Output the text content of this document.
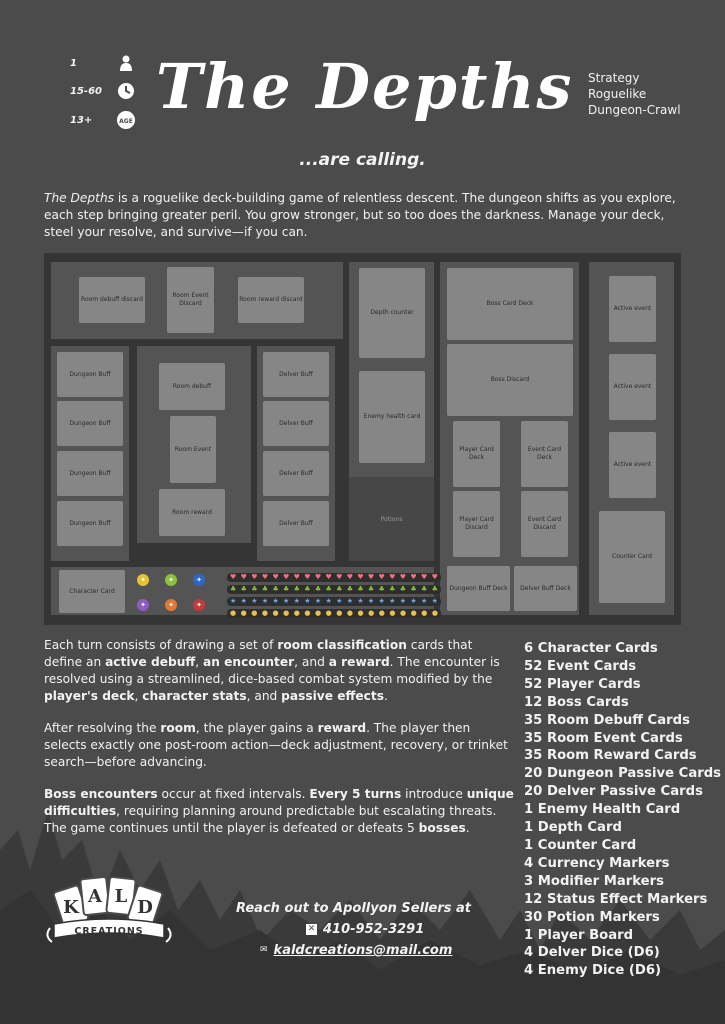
1
15-60
13+	AGE The Depths Strategy
Roguelike
Dungeon-Crawl
...are calling.
The Depths is a roguelike deck-building game of relentless descent. The dungeon shifts as you explore, each step bringing greater peril. You grow stronger, but so too does the darkness. Manage your deck, steel your resolve, and survive—if you can.
Room debuff discard
Room Event Discard
Room reward discard
Dungeon Buff
Dungeon Buff
Dungeon Buff
Dungeon Buff
Room debuff
Room Event
Room reward
Delver Buff
Delver Buff
Delver Buff
Delver Buff
Depth counter
Enemy health card
Potions
Boss Card Deck
Boss Discard
Player Card Deck
Event Card Deck
Player Card Discard
Event Card Discard
Active event
Active event
Active event
Counter Card
Dungeon Buff Deck	Delver Buff Deck
Character Card
✦	✦	✦
✦	✦	✦
♥ ♥ ♥ ♥ ♥ ♥ ♥ ♥ ♥ ♥ ♥ ♥ ♥ ♥ ♥ ♥ ♥ ♥ ♥ ♥
♣ ♣ ♣ ♣ ♣ ♣ ♣ ♣ ♣ ♣ ♣ ♣ ♣ ♣ ♣ ♣ ♣ ♣ ♣ ♣
★ ★ ★ ★ ★ ★ ★ ★ ★ ★ ★ ★ ★ ★ ★ ★ ★ ★ ★ ★
● ● ● ● ● ● ● ● ● ● ● ● ● ● ● ● ● ● ● ●
Each turn consists of drawing a set of room classification cards that define an active debuff, an encounter, and a reward. The encounter is resolved using a streamlined, dice-based combat system modified by the player's deck, character stats, and passive effects.
After resolving the room, the player gains a reward. The player then selects exactly one post-room action—deck adjustment, recovery, or trinket search—before advancing.
Boss encounters occur at fixed intervals. Every 5 turns introduce unique difficulties, requiring planning around predictable but escalating threats. The game continues until the player is defeated or defeats 5 bosses.
6 Character Cards
52 Event Cards
52 Player Cards
12 Boss Cards
35 Room Debuff Cards
35 Room Event Cards
35 Room Reward Cards
20 Dungeon Passive Cards
20 Delver Passive Cards
1 Enemy Health Card
1 Depth Card
1 Counter Card
4 Currency Markers
3 Modifier Markers
12 Status Effect Markers
30 Potion Markers
1 Player Board
4 Delver Dice (D6)
4 Enemy Dice (D6)
K
A L
D
CREATIONS
Reach out to Apollyon Sellers at
✕ 410-952-3291
✉ kaldcreations@mail.com
